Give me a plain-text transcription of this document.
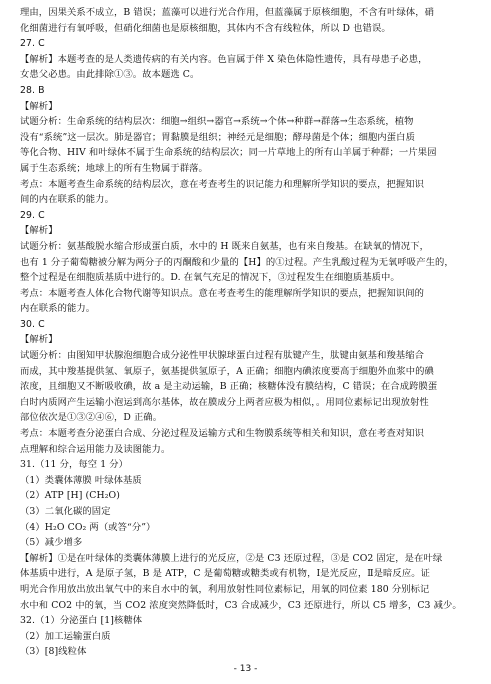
理由，因果关系不成立，B 错误；蓝藻可以进行光合作用，但蓝藻属于原核细胞，不含有叶绿体，硝
化细菌进行有氧呼吸，但硝化细菌也是原核细胞，其体内不含有线粒体，所以 D 也错误。
27. C
【解析】本题考查的是人类遗传病的有关内容。色盲属于伴 X 染色体隐性遗传，具有母患子必患，
女患父必患。由此排除①③。故本题选 C。
28. B
【解析】
试题分析：生命系统的结构层次：细胞→组织→器官→系统→个体→种群→群落→生态系统，植物
没有“系统”这一层次。肺是器官；胃黏膜是组织；神经元是细胞；酵母菌是个体；细胞内蛋白质
等化合物、HIV 和叶绿体不属于生命系统的结构层次；同一片草地上的所有山羊属于种群；一片果园
属于生态系统；地球上的所有生物属于群落。
考点：本题考查生命系统的结构层次，意在考查考生的识记能力和理解所学知识的要点，把握知识
间的内在联系的能力。
29. C
【解析】
试题分析：氨基酸脱水缩合形成蛋白质，水中的 H 既来自氨基，也有来自羧基。在缺氧的情况下，
也有 1 分子葡萄糖被分解为两分子的丙酮酸和少量的【H】的①过程。产生乳酸过程为无氧呼吸产生的，
整个过程是在细胞质基质中进行的。D. 在氧气充足的情况下，③过程发生在细胞质基质中。
考点：本题考查人体化合物代谢等知识点。意在考查考生的能理解所学知识的要点，把握知识间的
内在联系的能力。
30. C
【解析】
试题分析：由图知甲状腺泡细胞合成分泌性甲状腺球蛋白过程有肽键产生，肽键由氨基和羧基缩合
而成，其中羧基提供氢、氧原子，氨基提供氢原子，A 正确；细胞内碘浓度要高于细胞外血浆中的碘
浓度，且细胞又不断吸收碘，故 a 是主动运输，B 正确；核糖体没有膜结构，C 错误；在合成跨膜蛋
白时内质网产生运输小泡运到高尔基体，故在膜成分上两者应极为相似，。用同位素标记出现放射性
部位依次是①③②④⑥，D 正确。
考点：本题考查分泌蛋白合成、分泌过程及运输方式和生物膜系统等相关和知识，意在考查对知识
点理解和综合运用能力及读图能力。
31.（11 分，每空 1 分）
（1）类囊体薄膜 叶绿体基质
（2）ATP [H] (CH₂O)
（3）二氧化碳的固定
（4）H₂O CO₂ 两（或答“分”）
（5）减少增多
【解析】①是在叶绿体的类囊体薄膜上进行的光反应，②是 C3 还原过程，③是 CO2 固定，是在叶绿
体基质中进行，A 是原子氢，B 是 ATP，C 是葡萄糖或糖类或有机物，Ⅰ是光反应，Ⅱ是暗反应。证
明光合作用放出放出氧气中的来自水中的氧，利用放射性同位素标记，用氧的同位素 180 分别标记
水中和 CO2 中的氧，当 CO2 浓度突然降低时，C3 合成减少，C3 还原进行，所以 C5 增多，C3 减少。
32.（1）分泌蛋白 [1]核糖体
（2）加工运输蛋白质
（3）[8]线粒体
- 13 -
